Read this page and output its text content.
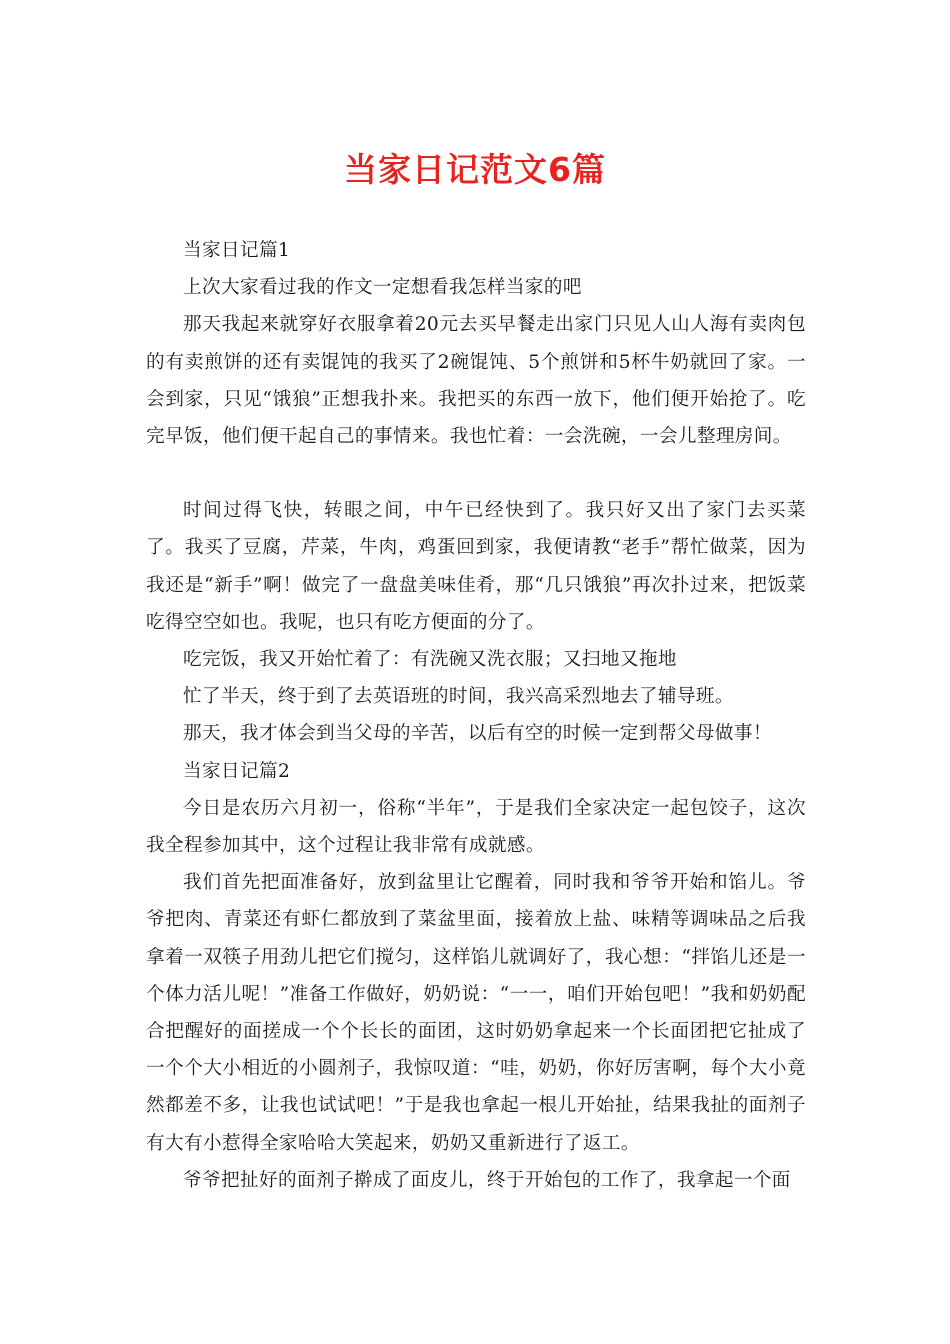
当家日记范文6篇

当家日记篇1

上次大家看过我的作文一定想看我怎样当家的吧

那天我起来就穿好衣服拿着20元去买早餐走出家门只见人山人海有卖肉包的有卖煎饼的还有卖馄饨的我买了2碗馄饨、5个煎饼和5杯牛奶就回了家。一会到家，只见“饿狼”正想我扑来。我把买的东西一放下，他们便开始抢了。吃完早饭，他们便干起自己的事情来。我也忙着：一会洗碗，一会儿整理房间。

时间过得飞快，转眼之间，中午已经快到了。我只好又出了家门去买菜了。我买了豆腐，芹菜，牛肉，鸡蛋回到家，我便请教“老手”帮忙做菜，因为我还是“新手”啊！做完了一盘盘美味佳肴，那“几只饿狼”再次扑过来，把饭菜吃得空空如也。我呢，也只有吃方便面的分了。

吃完饭，我又开始忙着了：有洗碗又洗衣服；又扫地又拖地

忙了半天，终于到了去英语班的时间，我兴高采烈地去了辅导班。

那天，我才体会到当父母的辛苦，以后有空的时候一定到帮父母做事！

当家日记篇2

今日是农历六月初一，俗称“半年”，于是我们全家决定一起包饺子，这次我全程参加其中，这个过程让我非常有成就感。

我们首先把面准备好，放到盆里让它醒着，同时我和爷爷开始和馅儿。爷爷把肉、青菜还有虾仁都放到了菜盆里面，接着放上盐、味精等调味品之后我拿着一双筷子用劲儿把它们搅匀，这样馅儿就调好了，我心想：“拌馅儿还是一个体力活儿呢！”准备工作做好，奶奶说：“一一，咱们开始包吧！”我和奶奶配合把醒好的面搓成一个个长长的面团，这时奶奶拿起来一个长面团把它扯成了一个个大小相近的小圆剂子，我惊叹道：“哇，奶奶，你好厉害啊，每个大小竟然都差不多，让我也试试吧！”于是我也拿起一根儿开始扯，结果我扯的面剂子有大有小惹得全家哈哈大笑起来，奶奶又重新进行了返工。

爷爷把扯好的面剂子擀成了面皮儿，终于开始包的工作了，我拿起一个面
